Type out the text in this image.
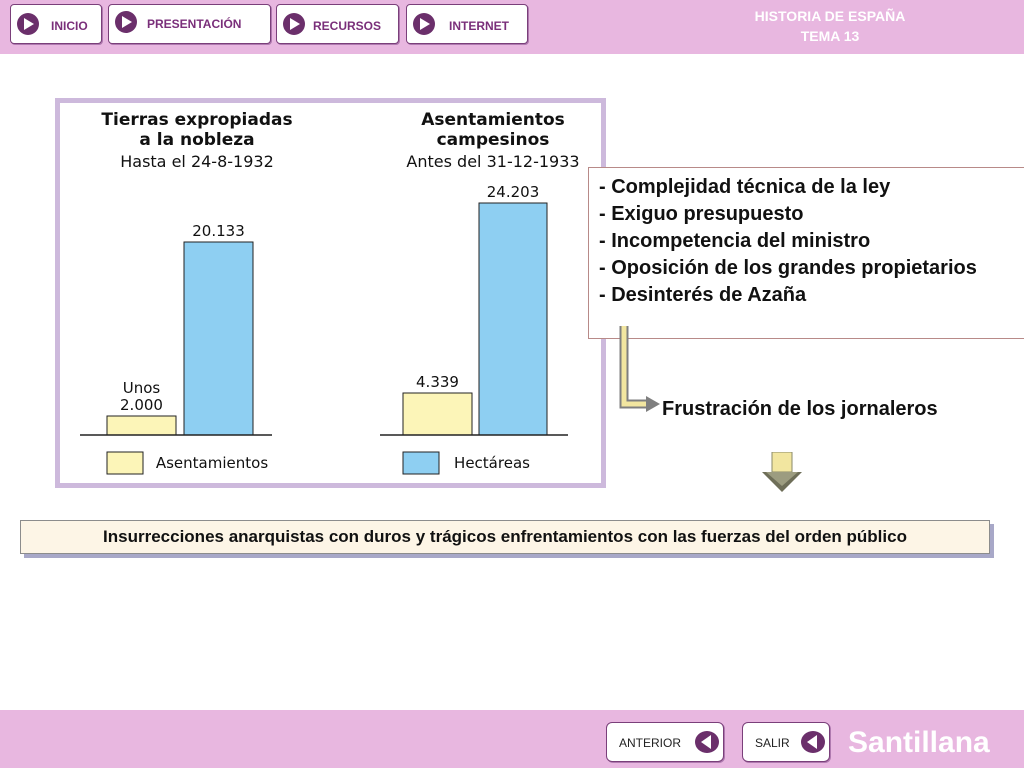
INICIO	PRESENTACIÓN	RECURSOS	INTERNET
HISTORIA DE ESPAÑA
TEMA 13
Tierras expropiadas
a la nobleza
Hasta el 24-8-1932
Unos
2.000
20.133
Asentamientos
campesinos
Antes del 31-12-1933
4.339
24.203
Asentamientos	Hectáreas
- Complejidad técnica de la ley
- Exiguo presupuesto
- Incompetencia del ministro
- Oposición de los grandes propietarios
- Desinterés de Azaña
Frustración de los jornaleros
Insurrecciones anarquistas con duros y trágicos enfrentamientos con las fuerzas del orden público
ANTERIOR	SALIR Santillana
